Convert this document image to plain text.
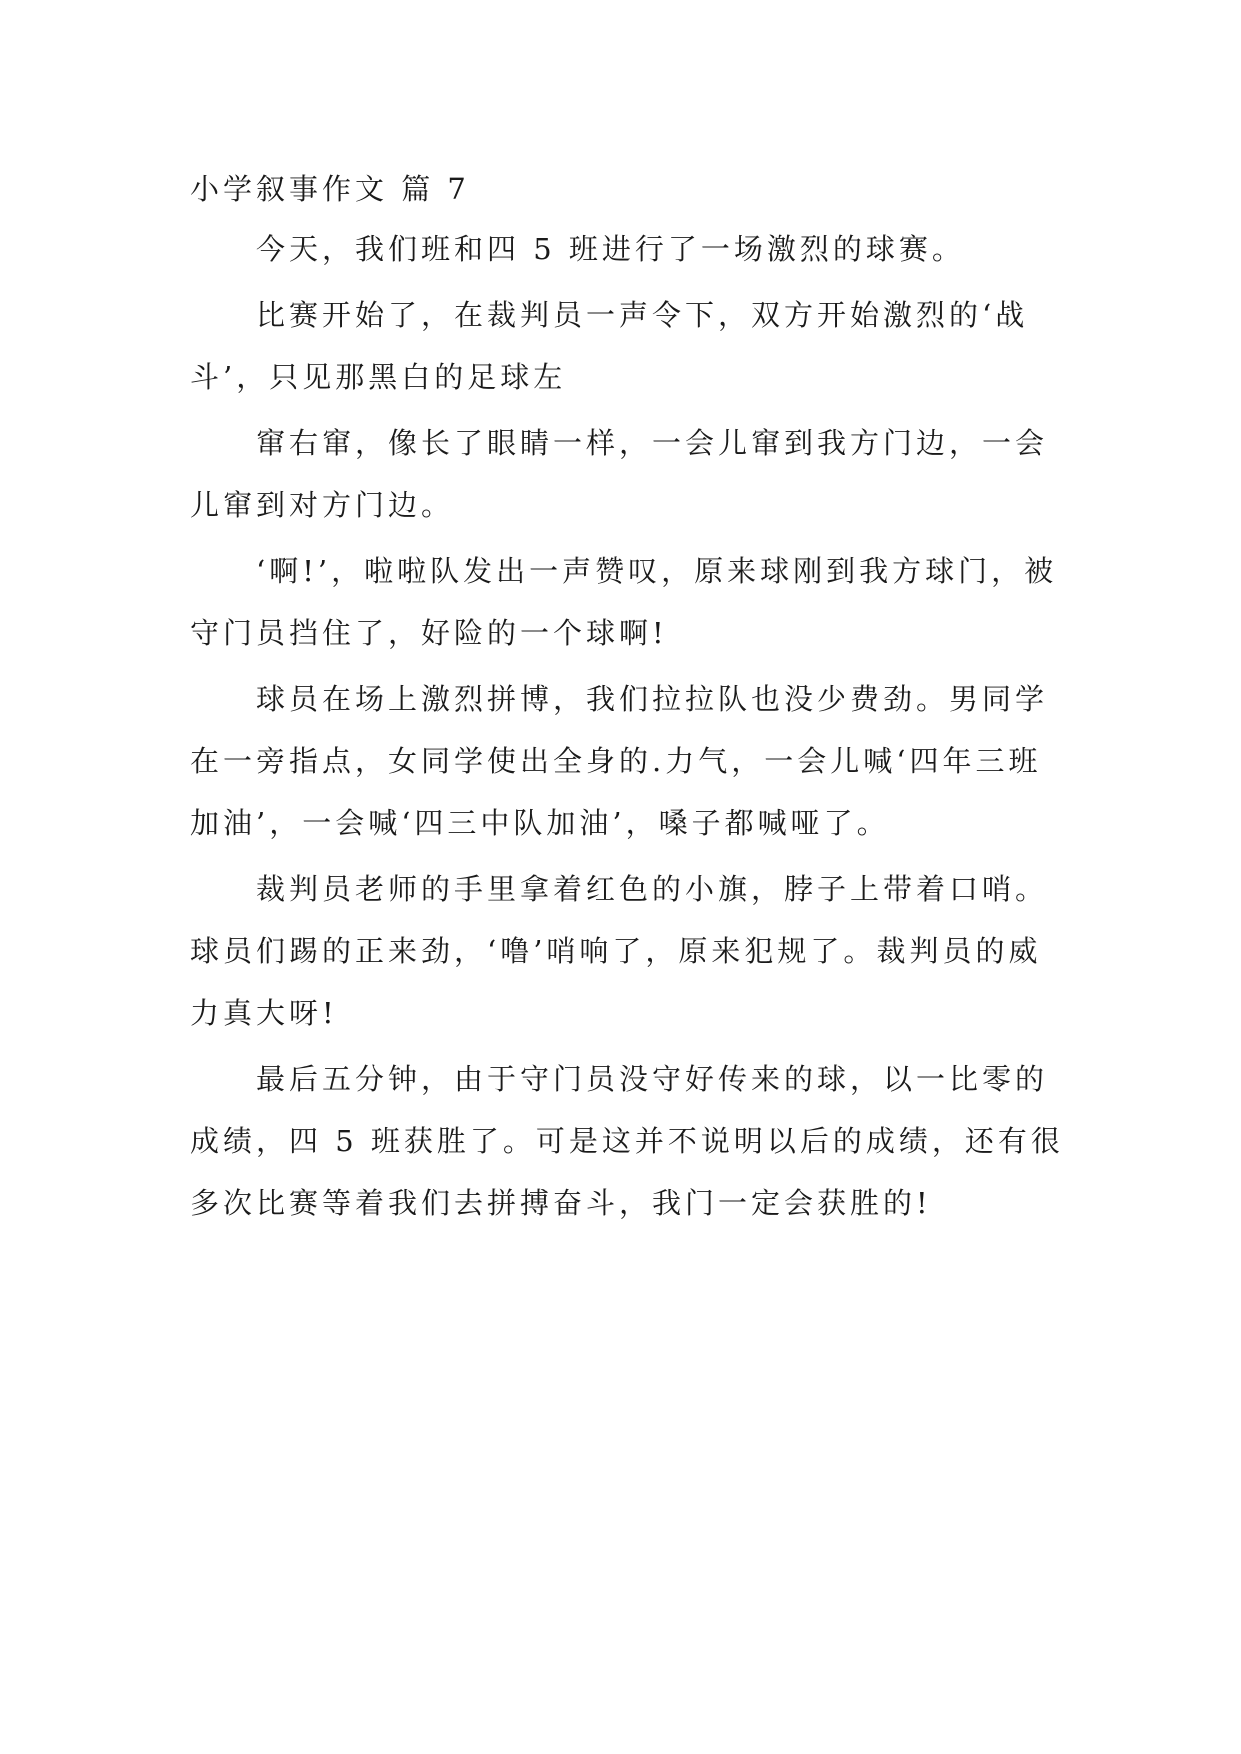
小学叙事作文 篇 7

今天，我们班和四 5 班进行了一场激烈的球赛。

比赛开始了，在裁判员一声令下，双方开始激烈的‘战斗’，只见那黑白的足球左

窜右窜，像长了眼睛一样，一会儿窜到我方门边，一会儿窜到对方门边。

‘啊!’，啦啦队发出一声赞叹，原来球刚到我方球门，被守门员挡住了，好险的一个球啊!

球员在场上激烈拼博，我们拉拉队也没少费劲。男同学在一旁指点，女同学使出全身的.力气，一会儿喊‘四年三班加油’，一会喊‘四三中队加油’，嗓子都喊哑了。

裁判员老师的手里拿着红色的小旗，脖子上带着口哨。球员们踢的正来劲，‘噜’哨响了，原来犯规了。裁判员的威力真大呀!

最后五分钟，由于守门员没守好传来的球，以一比零的成绩，四 5 班获胜了。可是这并不说明以后的成绩，还有很多次比赛等着我们去拼搏奋斗，我门一定会获胜的!
